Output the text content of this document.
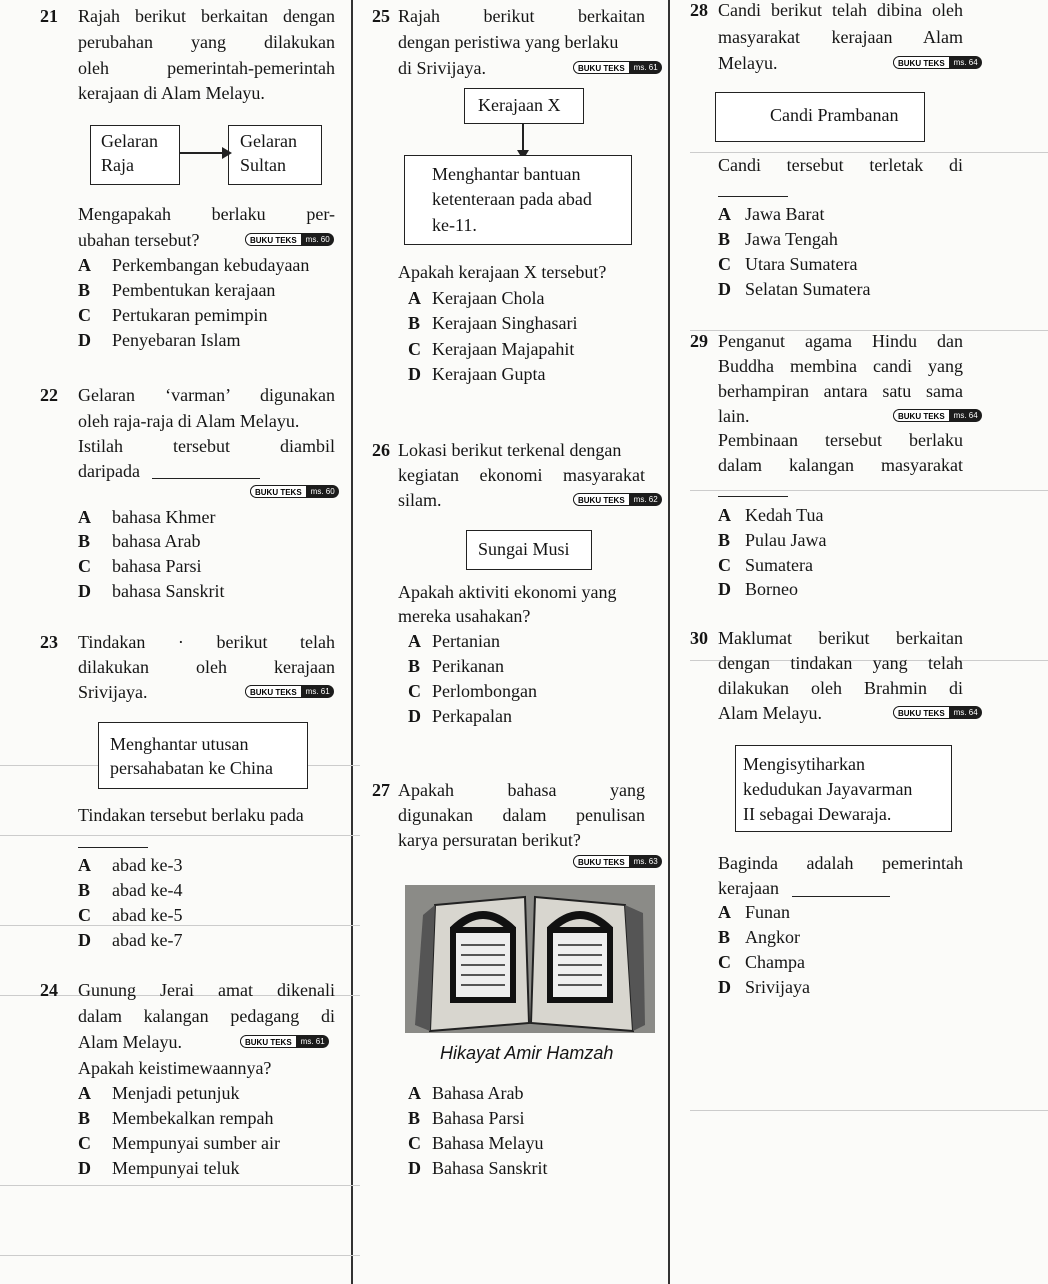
21 Rajah berikut berkaitan dengan
perubahan yang dilakukan
oleh pemerintah-pemerintah
kerajaan di Alam Melayu.
Gelaran
Raja
Gelaran
Sultan
Mengapakah berlaku per-
ubahan tersebut?	BUKU TEKS	ms. 60
A Perkembangan kebudayaan
B Pembentukan kerajaan
C Pertukaran pemimpin
D Penyebaran Islam
22 Gelaran ‘varman’ digunakan
oleh raja-raja di Alam Melayu.
Istilah tersebut diambil
daripada
BUKU TEKS	ms. 60
A bahasa Khmer
B bahasa Arab
C bahasa Parsi
D bahasa Sanskrit
23 Tindakan · berikut telah
dilakukan oleh kerajaan
Srivijaya.	BUKU TEKS	ms. 61
Menghantar utusan
persahabatan ke China
Tindakan tersebut berlaku pada
A abad ke-3
B abad ke-4
C abad ke-5
D abad ke-7
24 Gunung Jerai amat dikenali
dalam kalangan pedagang di
Alam Melayu.	BUKU TEKS	ms. 61
Apakah keistimewaannya?
A Menjadi petunjuk
B Membekalkan rempah
C Mempunyai sumber air
D Mempunyai teluk
25 Rajah berikut berkaitan
dengan peristiwa yang berlaku
di Srivijaya.	BUKU TEKS	ms. 61
Kerajaan X
Menghantar bantuan
ketenteraan pada abad
ke-11.
Apakah kerajaan X tersebut?
A Kerajaan Chola
B Kerajaan Singhasari
C Kerajaan Majapahit
D Kerajaan Gupta
26 Lokasi berikut terkenal dengan
kegiatan ekonomi masyarakat
silam.	BUKU TEKS	ms. 62
Sungai Musi
Apakah aktiviti ekonomi yang
mereka usahakan?
A Pertanian
B Perikanan
C Perlombongan
D Perkapalan
27 Apakah bahasa yang
digunakan dalam penulisan
karya persuratan berikut?
BUKU TEKS	ms. 63
Hikayat Amir Hamzah
A Bahasa Arab
B Bahasa Parsi
C Bahasa Melayu
D Bahasa Sanskrit
28 Candi berikut telah dibina oleh
masyarakat kerajaan Alam
Melayu.	BUKU TEKS	ms. 64
Candi Prambanan
Candi tersebut terletak di
A Jawa Barat
B Jawa Tengah
C Utara Sumatera
D Selatan Sumatera
29 Penganut agama Hindu dan
Buddha membina candi yang
berhampiran antara satu sama
lain.	BUKU TEKS	ms. 64
Pembinaan tersebut berlaku
dalam kalangan masyarakat
A Kedah Tua
B Pulau Jawa
C Sumatera
D Borneo
30 Maklumat berikut berkaitan
dengan tindakan yang telah
dilakukan oleh Brahmin di
Alam Melayu.	BUKU TEKS	ms. 64
Mengisytiharkan
kedudukan Jayavarman
II sebagai Dewaraja.
Baginda adalah pemerintah
kerajaan
A Funan
B Angkor
C Champa
D Srivijaya
